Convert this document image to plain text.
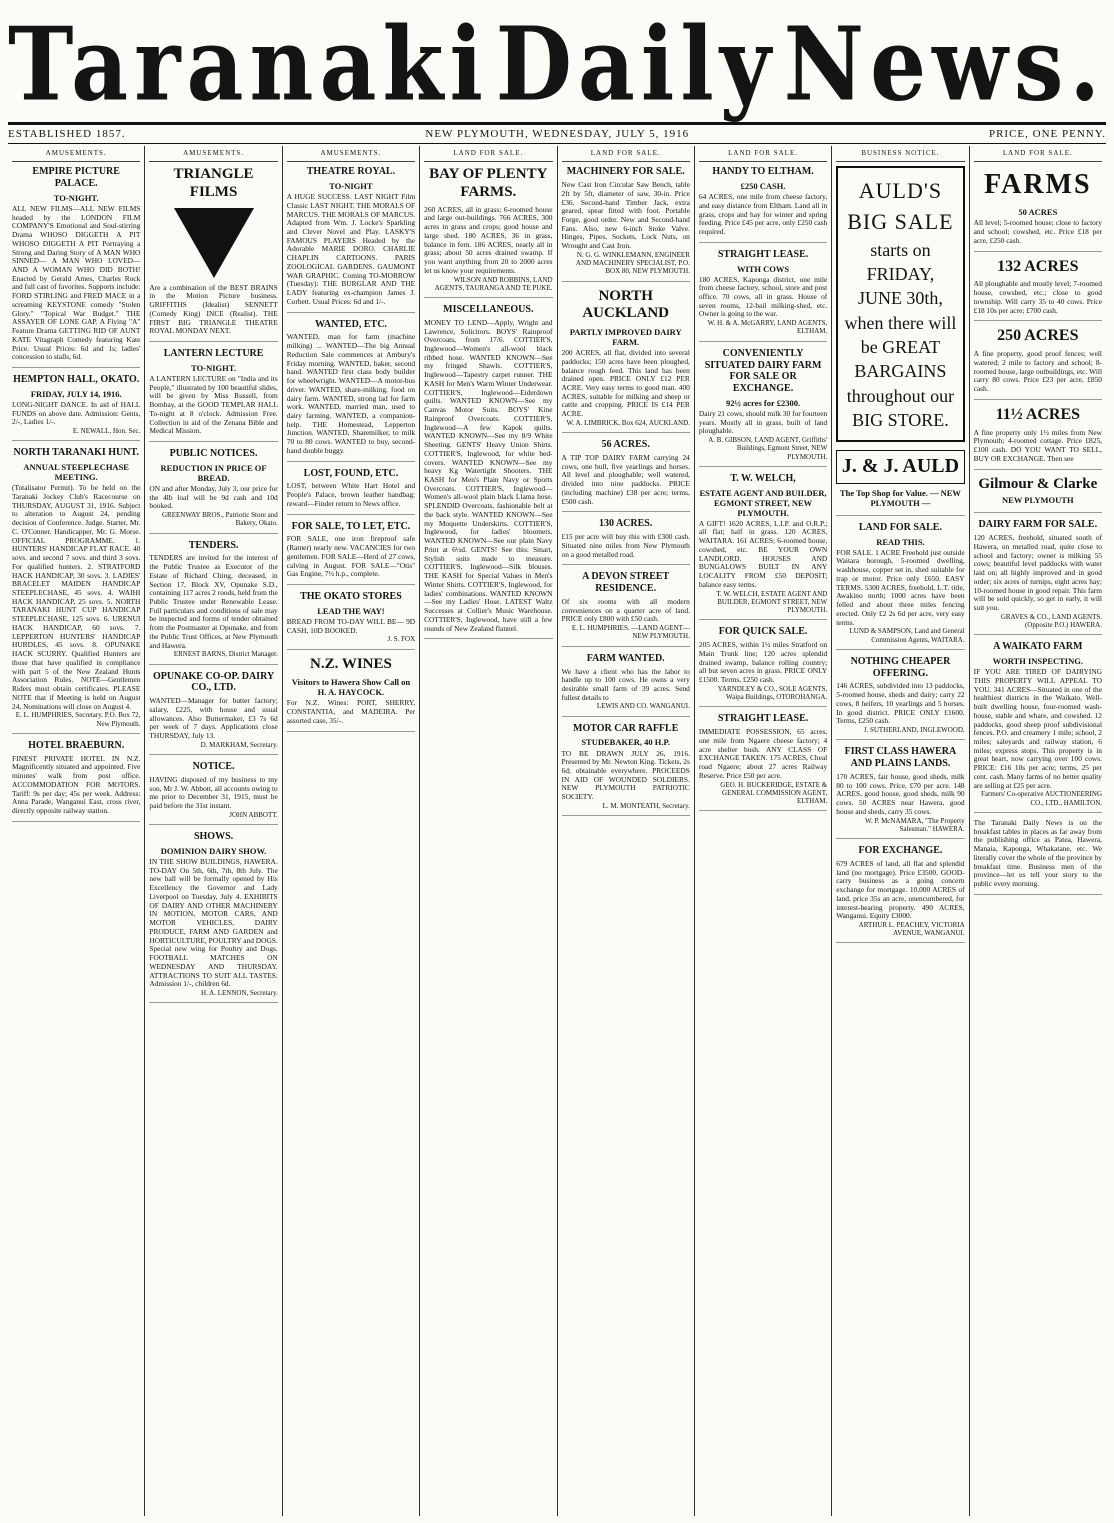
Taranaki Daily News.
ESTABLISHED 1857.	NEW PLYMOUTH, WEDNESDAY, JULY 5, 1916	PRICE, ONE PENNY.
AMUSEMENTS.
EMPIRE PICTURE PALACE.
TO-NIGHT.
ALL NEW FILMS—ALL NEW FILMS headed by the LONDON FILM COMPANY'S Emotional and Soul-stirring Drama WHOSO DIGGETH A PIT WHOSO DIGGETH A PIT Portraying a Strong and Daring Story of A MAN WHO SINNED— A MAN WHO LOVED— AND A WOMAN WHO DID BOTH! Enacted by Gerald Ames, Charles Rock and full cast of favorites. Supports include: FORD STIRLING and FRED MACE in a screaming KEYSTONE comedy "Stolen Glory." "Topical War Budget." THE ASSAYER OF LONE GAP. A Flying "A" Feature Drama GETTING RID OF AUNT KATE Vitagraph Comedy featuring Kate Price. Usual Prices: 6d and 1s; ladies' concession to stalls, 6d.
HEMPTON HALL, OKATO.
FRIDAY, JULY 14, 1916.
LONG-NIGHT DANCE. In aid of HALL FUNDS on above date. Admission: Gents, 2/-, Ladies 1/-.
E. NEWALL, Hon. Sec.
NORTH TARANAKI HUNT.
ANNUAL STEEPLECHASE MEETING.
(Totalisator Permit). To be held on the Taranaki Jockey Club's Racecourse on THURSDAY, AUGUST 31, 1916. Subject to alteration to August 24, pending decision of Conference. Judge. Starter, Mr. C. O'Conner. Handicapper, Mr. G. Morse. OFFICIAL PROGRAMME. 1. HUNTERS' HANDICAP FLAT RACE. 40 sovs. and second 7 sovs. and third 3 sovs. For qualified hunters. 2. STRATFORD HACK HANDICAP, 30 sovs. 3. LADIES' BRACELET MAIDEN HANDICAP STEEPLECHASE, 45 sovs. 4. WAIHI HACK HANDICAP, 25 sovs. 5. NORTH TARANAKI HUNT CUP HANDICAP STEEPLECHASE, 125 sovs. 6. URENUI HACK HANDICAP, 60 sovs. 7. LEPPERTON HUNTERS' HANDICAP HURDLES, 45 sovs. 8. OPUNAKE HACK SCURRY. Qualified Hunters are those that have qualified in compliance with part 5 of the New Zealand Hunts Association Rules. NOTE—Gentlemen Riders must obtain certificates. PLEASE NOTE that if Meeting is held on August 24, Nominations will close on August 4.
E. L. HUMPHRIES, Secretary. P.O. Box 72, New Plymouth.
HOTEL BRAEBURN.
FINEST PRIVATE HOTEL IN N.Z. Magnificently situated and appointed. Five minutes' walk from post office. ACCOMMODATION FOR MOTORS. Tariff: 9s per day; 45s per week. Address: Anna Parade, Wanganui East, cross river, directly opposite railway station.
AMUSEMENTS.
TRIANGLE FILMS
Are a combination of the BEST BRAINS in the Motion Picture business. GRIFFITHS (Idealist) SENNETT (Comedy King) INCE (Realist). THE FIRST BIG TRIANGLE THEATRE ROYAL MONDAY NEXT.
LANTERN LECTURE
TO-NIGHT.
A LANTERN LECTURE on "India and its People," illustrated by 100 beautiful slides, will be given by Miss Russell, from Bombay, at the GOOD TEMPLAR HALL To-night at 8 o'clock. Admission Free. Collection in aid of the Zenana Bible and Medical Mission.
PUBLIC NOTICES.
REDUCTION IN PRICE OF BREAD.
ON and after Monday, July 3, our price for the 4lb loaf will be 9d cash and 10d booked.
GREENWAY BROS., Patriotic Store and Bakery, Okato.
TENDERS.
TENDERS are invited for the interest of the Public Trustee as Executor of the Estate of Richard Ching, deceased, in Section 17, Block XV, Opunake S.D., containing 117 acres 2 roods, held from the Public Trustee under Renewable Lease. Full particulars and conditions of sale may be inspected and forms of tender obtained from the Postmaster at Opunake, and from the Public Trust Offices, at New Plymouth and Hawera.
ERNEST BARNS, District Manager.
OPUNAKE CO-OP. DAIRY CO., LTD.
WANTED—Manager for butter factory; salary, £225, with house and usual allowances. Also Buttermaker, £3 7s 6d per week of 7 days. Applications close THURSDAY, July 13.
D. MARKHAM, Secretary.
NOTICE.
HAVING disposed of my business to my son, Mr J. W. Abbott, all accounts owing to me prior to December 31, 1915, must be paid before the 31st instant.
JOHN ABBOTT.
SHOWS.
DOMINION DAIRY SHOW.
IN THE SHOW BUILDINGS, HAWERA. TO-DAY On 5th, 6th, 7th, 8th July. The new hall will be formally opened by His Excellency the Governor and Lady Liverpool on Tuesday, July 4. EXHIBITS OF DAIRY AND OTHER MACHINERY IN MOTION, MOTOR CARS, AND MOTOR VEHICLES, DAIRY PRODUCE, FARM AND GARDEN and HORTICULTURE, POULTRY and DOGS. Special new wing for Poultry and Dogs. FOOTBALL MATCHES ON WEDNESDAY AND THURSDAY. ATTRACTIONS TO SUIT ALL TASTES. Admission 1/-, children 6d.
H. A. LENNON, Secretary.
AMUSEMENTS.
THEATRE ROYAL.
TO-NIGHT
A HUGE SUCCESS. LAST NIGHT Film Classic LAST NIGHT. THE MORALS OF MARCUS. THE MORALS OF MARCUS. Adapted from Wm. J. Locke's Sparkling and Clever Novel and Play. LASKY'S FAMOUS PLAYERS Headed by the Adorable MARIE DORO. CHARLIE CHAPLIN CARTOONS. PARIS ZOOLOGICAL GARDENS. GAUMONT WAR GRAPHIC. Coming TO-MORROW (Tuesday): THE BURGLAR AND THE LADY featuring ex-champion James J. Corbett. Usual Prices: 6d and 1/-.
WANTED, ETC.
WANTED, man for farm (machine milking) ... WANTED—The big Annual Reduction Sale commences at Ambury's Friday morning. WANTED, baker, second hand. WANTED first class body builder for wheelwright. WANTED—A motor-bus driver. WANTED, share-milking, food on dairy farm. WANTED, strong lad for farm work. WANTED, married man, used to dairy farming. WANTED, a companion-help. THE Homestead, Lepperton Junction. WANTED, Sharemilker, to milk 70 to 80 cows. WANTED to buy, second-hand double buggy.
LOST, FOUND, ETC.
LOST, between White Hart Hotel and People's Palace, brown leather handbag; reward—Finder return to News office.
FOR SALE, TO LET, ETC.
FOR SALE, one iron fireproof safe (Ratner) nearly new. VACANCIES for two gentlemen. FOR SALE—Herd of 27 cows, calving in August. FOR SALE—"Otis" Gas Engine, 7½ h.p., complete.
THE OKATO STORES
LEAD THE WAY!
BREAD FROM TO-DAY WILL BE— 9D CASH, 10D BOOKED.
J. S. FOX
N.Z. WINES
Visitors to Hawera Show Call on H. A. HAYCOCK.
For N.Z. Wines: PORT, SHERRY, CONSTANTIA, and MADEIRA. Per assorted case, 35/-.
LAND FOR SALE.
BAY OF PLENTY FARMS.
260 ACRES, all in grass; 6-roomed house and large out-buildings. 766 ACRES, 300 acres in grass and crops; good house and large shed. 180 ACRES, 36 in grass, balance in fern. 186 ACRES, nearly all in grass; about 50 acres drained swamp. If you want anything from 20 to 2000 acres let us know your requirements.
WILSON AND ROBBINS, LAND AGENTS, TAURANGA AND TE PUKE.
MISCELLANEOUS.
MONEY TO LEND—Apply, Wright and Lawrence, Solicitors. BOYS' Rainproof Overcoats, from 17/6. COTTIER'S, Inglewood—Women's all-wool black ribbed hose. WANTED KNOWN—See my fringed Shawls. COTTIER'S, Inglewood—Tapestry carpet runner. THE KASH for Men's Warm Winter Underwear. COTTIER'S, Inglewood—Eiderdown quilts. WANTED KNOWN—See my Canvas Motor Suits. BOYS' Kine Rainproof Overcoats. COTTIER'S, Inglewood—A few Kapok quilts. WANTED KNOWN—See my 8/9 White Sheeting. GENTS' Heavy Union Shirts. COTTIER'S, Inglewood, for white bed-covers. WANTED KNOWN—See my heavy Kg Watertight Shooters. THE KASH for Men's Plain Navy or Sports Overcoats. COTTIER'S, Inglewood—Women's all-wool plain black Llama hose. SPLENDID Overcoats, fashionable belt at the back style. WANTED KNOWN—See my Moquette Underskirts. COTTIER'S, Inglewood, for ladies' bloomers. WANTED KNOWN—See our plain Navy Print at 6½d. GENTS! See this: Smart, Stylish suits made to measure. COTTIER'S, Inglewood—Silk blouses. THE KASH for Special Values in Men's Winter Shirts. COTTIER'S, Inglewood, for ladies' combinations. WANTED KNOWN—See my Ladies' Hose. LATEST Waltz Successes at Collier's Music Warehouse. COTTIER'S, Inglewood, have still a few rounds of New Zealand flannel.
LAND FOR SALE.
MACHINERY FOR SALE.
New Cast Iron Circular Saw Bench, table 2ft by 5ft, diameter of saw, 30-in. Price £36. Second-hand Timber Jack, extra geared, spear fitted with foot. Portable Forge, good order. New and Second-hand Fans. Also, new 6-inch Stoke Valve. Hinges, Pipes, Sockets, Lock Nuts, on Wrought and Cast Iron.
N. G. G. WINKLEMANN, ENGINEER AND MACHINERY SPECIALIST, P.O. BOX 80, NEW PLYMOUTH.
NORTH AUCKLAND
PARTLY IMPROVED DAIRY FARM.
200 ACRES, all flat, divided into several paddocks; 150 acres have been ploughed, balance rough feed. This land has been drained open. PRICE ONLY £12 PER ACRE. Very easy terms to good man. 400 ACRES, suitable for milking and sheep or cattle and cropping. PRICE IS £14 PER ACRE.
W. A. LIMBRICK, Box 624, AUCKLAND.
56 ACRES.
A TIP TOP DAIRY FARM carrying 24 cows, one bull, five yearlings and horses. All level and ploughable; well watered, divided into nine paddocks. PRICE (including machine) £38 per acre; terms, £500 cash.
130 ACRES.
£15 per acre will buy this with £300 cash. Situated nine miles from New Plymouth on a good metalled road.
A DEVON STREET RESIDENCE.
Of six rooms with all modern conveniences on a quarter acre of land. PRICE only £800 with £50 cash.
E. L. HUMPHRIES. —LAND AGENT— NEW PLYMOUTH.
FARM WANTED.
We have a client who has the labor to handle up to 100 cows. He owns a very desirable small farm of 39 acres. Send fullest details to
LEWIS AND CO. WANGANUI.
MOTOR CAR RAFFLE
STUDEBAKER, 40 H.P.
TO BE DRAWN JULY 26, 1916. Presented by Mr. Newton King. Tickets, 2s 6d; obtainable everywhere. PROCEEDS IN AID OF WOUNDED SOLDIERS. NEW PLYMOUTH PATRIOTIC SOCIETY.
L. M. MONTEATH, Secretary.
LAND FOR SALE.
HANDY TO ELTHAM.
£250 CASH.
64 ACRES, one mile from cheese factory, and easy distance from Eltham. Land all in grass, crops and hay for winter and spring feeding. Price £45 per acre, only £250 cash required.
STRAIGHT LEASE.
WITH COWS
180 ACRES, Kaponga district, one mile from cheese factory, school, store and post office. 70 cows, all in grass. House of seven rooms, 12-bail milking-shed, etc. Owner is going to the war.
W. H. & A. McGARRY, LAND AGENTS, ELTHAM.
CONVENIENTLY SITUATED DAIRY FARM FOR SALE OR EXCHANGE.
92½ acres for £2300.
Dairy 21 cows, should milk 30 for fourteen years. Mostly all in grass, built of land ploughable.
A. B. GIBSON, LAND AGENT, Griffiths' Buildings, Egmont Street, NEW PLYMOUTH.
T. W. WELCH,
ESTATE AGENT AND BUILDER, EGMONT STREET, NEW PLYMOUTH.
A GIFT! 1620 ACRES, L.I.P. and O.R.P.; all flat; half in grass. 120 ACRES, WAITARA. 161 ACRES; 6-roomed house, cowshed, etc. BE YOUR OWN LANDLORD. HOUSES AND BUNGALOWS BUILT IN ANY LOCALITY FROM £50 DEPOSIT; balance easy terms.
T. W. WELCH, ESTATE AGENT AND BUILDER, EGMONT STREET, NEW PLYMOUTH.
FOR QUICK SALE.
205 ACRES, within 1½ miles Stratford on Main Trunk line; 120 acres splendid drained swamp, balance rolling country; all but seven acres in grass. PRICE ONLY £1500. Terms, £250 cash.
YARNDLEY & CO., SOLE AGENTS, Waipa Buildings, OTOROHANGA.
STRAIGHT LEASE.
IMMEDIATE POSSESSION, 65 acres, one mile from Ngaere cheese factory; 4 acre shelter bush. ANY CLASS OF EXCHANGE TAKEN. 175 ACRES, Cheal road Ngaere; about 27 acres Railway Reserve. Price £50 per acre.
GEO. H. BUCKERIDGE, ESTATE & GENERAL COMMISSION AGENT, ELTHAM.
BUSINESS NOTICE.
AULD'S BIG SALE
starts on FRIDAY, JUNE 30th, when there will be GREAT BARGAINS throughout our BIG STORE.
J. & J. AULD
The Top Shop for Value. — NEW PLYMOUTH —
LAND FOR SALE.
READ THIS.
FOR SALE. 1 ACRE Freehold just outside Waitara borough, 5-roomed dwelling, washhouse, copper set in, shed suitable for trap or motor. Price only £650. EASY TERMS. 5300 ACRES, freehold, L.T. title, Awakino north; 1000 acres have been felled and about three miles fencing erected. Only £2 2s 6d per acre, very easy terms.
LUND & SAMPSON, Land and General Commission Agents, WAITARA.
NOTHING CHEAPER OFFERING.
146 ACRES, subdivided into 13 paddocks, 5-roomed house, sheds and dairy; carry 22 cows, 8 heifers, 10 yearlings and 5 horses. In good district. PRICE ONLY £1600. Terms, £250 cash.
J. SUTHERLAND, INGLEWOOD.
FIRST CLASS HAWERA AND PLAINS LANDS.
170 ACRES, fair house, good sheds, milk 80 to 100 cows. Price, £70 per acre. 148 ACRES, good house, good sheds, milk 90 cows. 50 ACRES near Hawera, good house and sheds, carry 35 cows.
W. P. McNAMARA, "The Property Salesman." HAWERA.
FOR EXCHANGE.
679 ACRES of land, all flat and splendid land (no mortgage). Price £3500. GOOD-carry business as a going concern exchange for mortgage. 10,000 ACRES of land, price 35s an acre, unencumbered, for interest-bearing property. 490 ACRES, Wanganui. Equity £3000.
ARTHUR L. PEACHEY, VICTORIA AVENUE, WANGANUI.
LAND FOR SALE.
FARMS
50 ACRES
All level; 5-roomed house; close to factory and school; cowshed, etc. Price £18 per acre, £250 cash.
132 ACRES
All ploughable and mostly level; 7-roomed house, cowshed, etc.; close to good township. Will carry 35 to 40 cows. Price £18 10s per acre; £700 cash.
250 ACRES
A fine property, good proof fences; well watered; 2 mile to factory and school; 8-roomed house, large outbuildings, etc. Will carry 80 cows. Price £23 per acre, £850 cash.
11½ ACRES
A fine property only 1½ miles from New Plymouth; 4-roomed cottage. Price £825, £100 cash. DO YOU WANT TO SELL, BUY OR EXCHANGE. Then see
Gilmour & Clarke
NEW PLYMOUTH
DAIRY FARM FOR SALE.
120 ACRES, freehold, situated south of Hawera, on metalled road, quite close to school and factory; owner is milking 55 cows; beautiful level paddocks with water laid on; all highly improved and in good order; six acres of turnips, eight acres hay; 10-roomed house in good repair. This farm will be sold quickly, so get in early, it will suit you.
GRAVES & CO., LAND AGENTS. (Opposite P.O.) HAWERA.
A WAIKATO FARM
WORTH INSPECTING.
IF YOU ARE TIRED OF DAIRYING THIS PROPERTY WILL APPEAL TO YOU. 341 ACRES—Situated in one of the healthiest districts in the Waikato. Well-built dwelling house, four-roomed wash-house, stable and whare, and cowshed. 12 paddocks, good sheep proof subdivisional fences. P.O. and creamery 1 mile; school, 2 miles; saleyards and railway station, 6 miles; express stops. This property is in great heart, now carrying over 100 cows. PRICE: £16 10s per acre; terms, 25 per cent. cash. Many farms of no better quality are selling at £25 per acre.
Farmers' Co-operative AUCTIONEERING CO., LTD., HAMILTON.
The Taranaki Daily News is on the breakfast tables in places as far away from the publishing office as Patea, Hawera, Manaia, Kaponga, Whakatane, etc. We literally cover the whole of the province by breakfast time. Business men of the province—let us tell your story to the public every morning.
